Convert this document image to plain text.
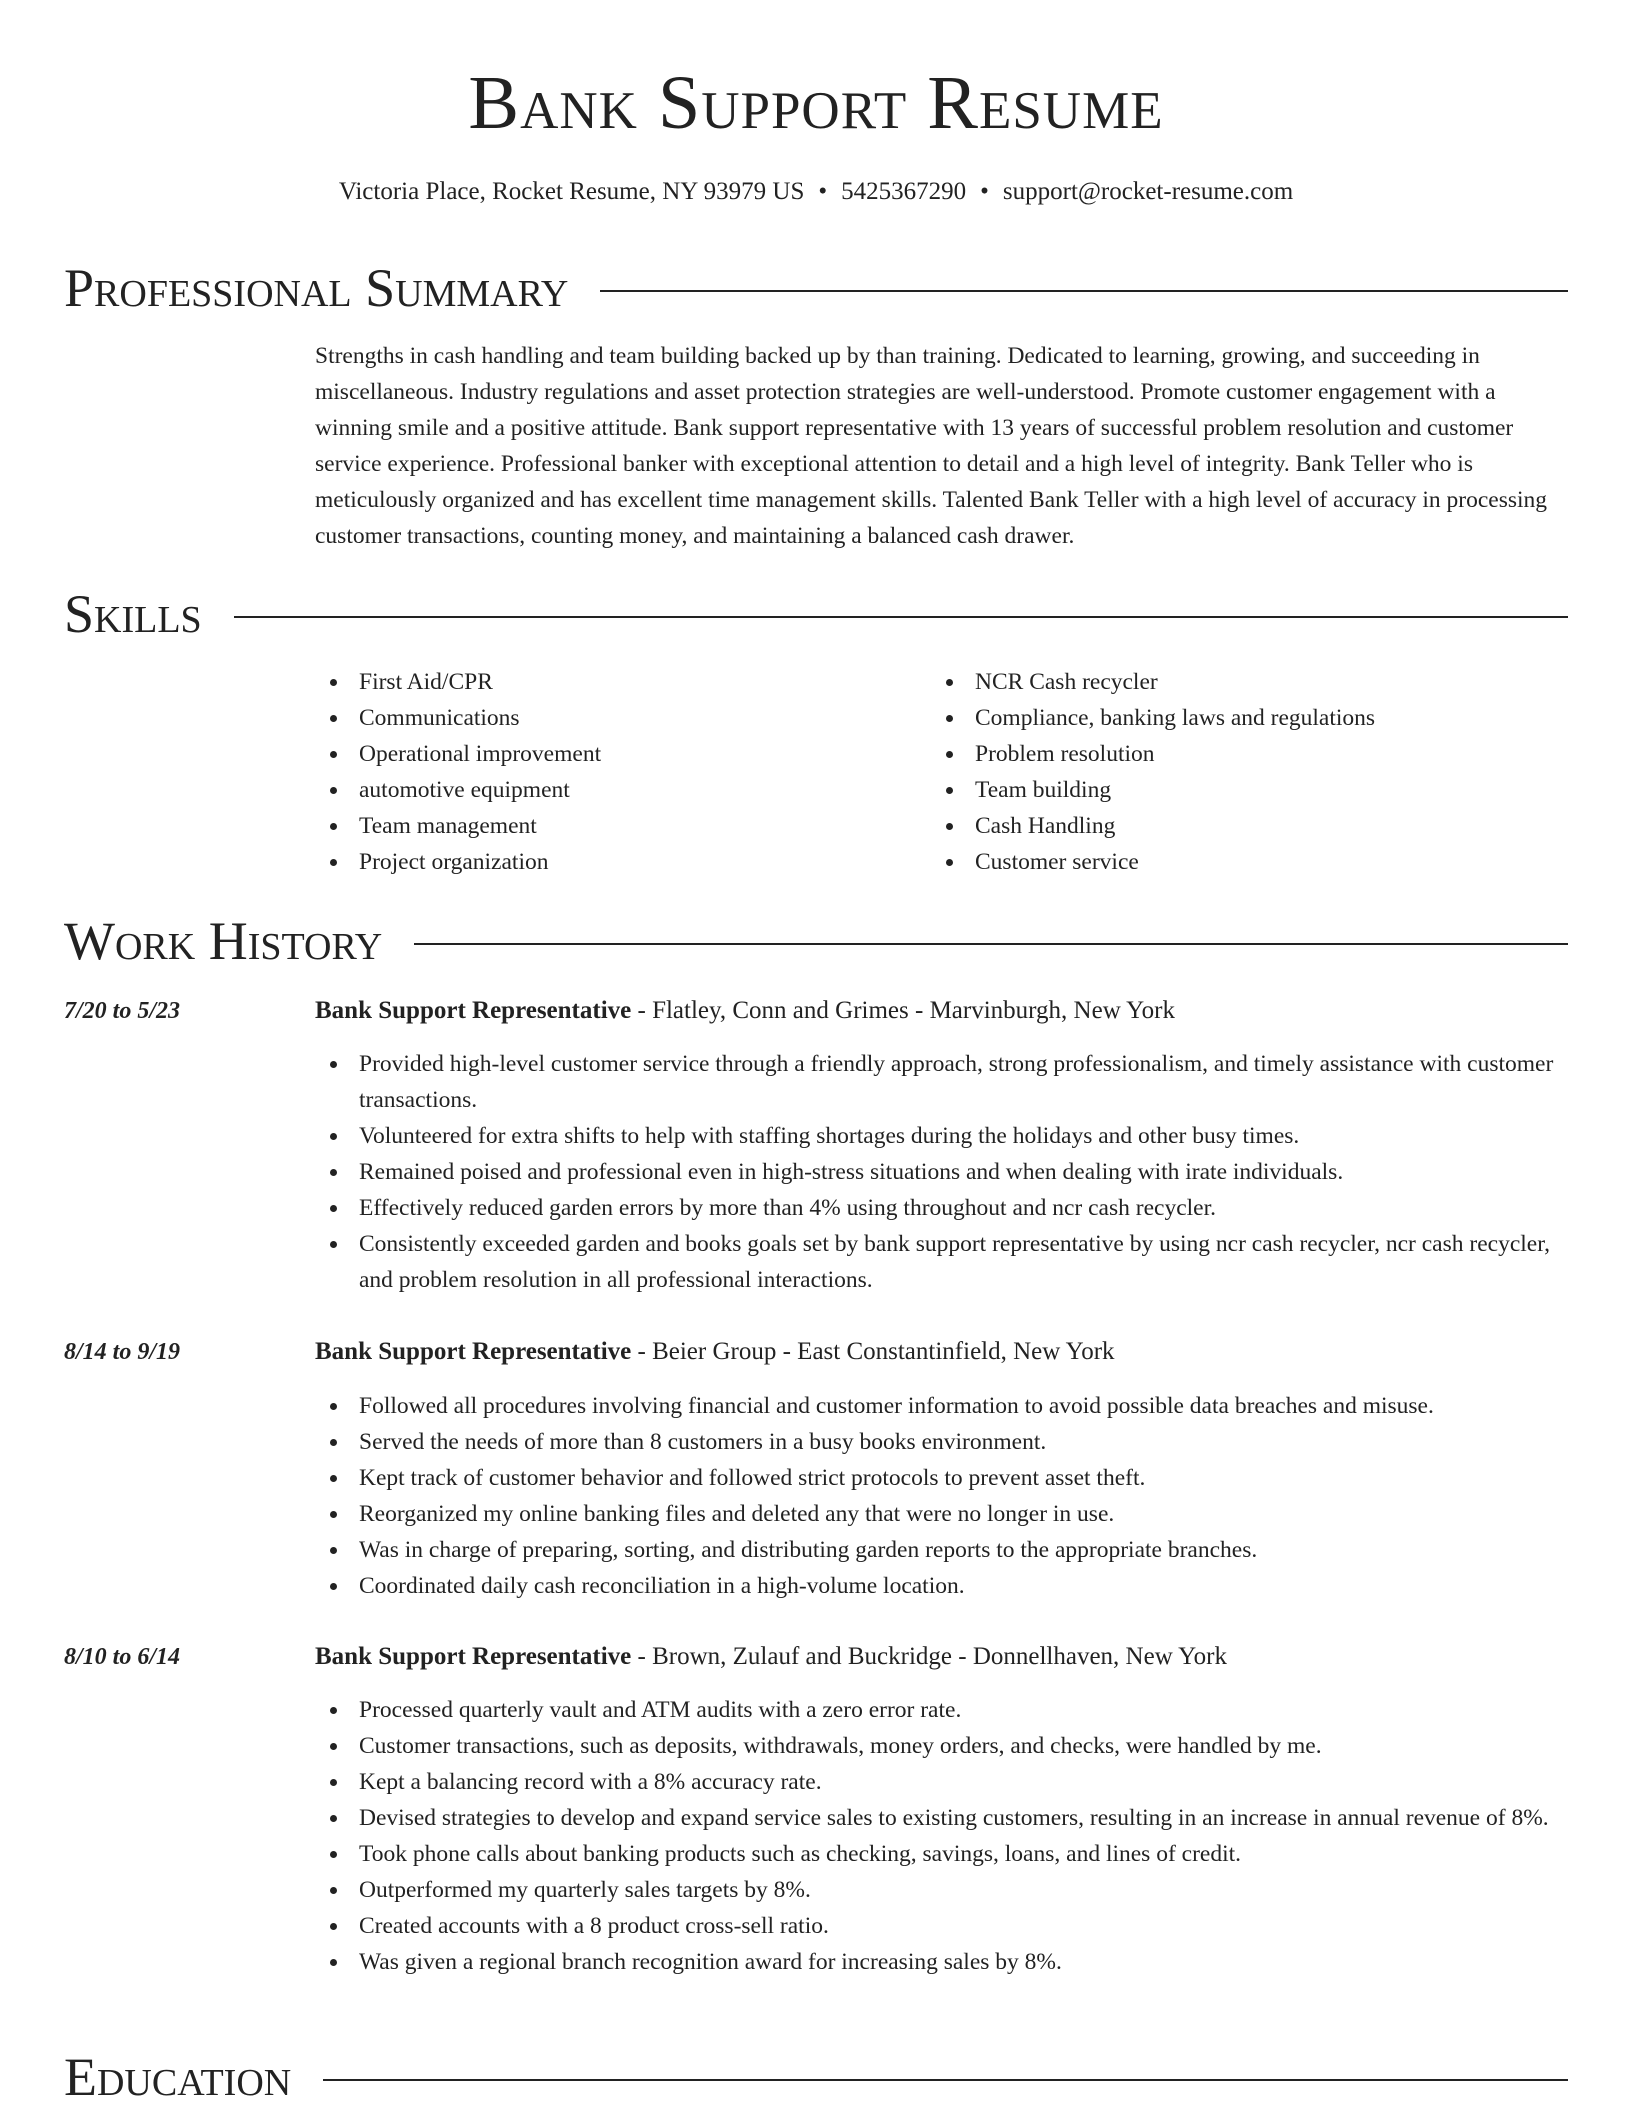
Bank Support Resume
Victoria Place, Rocket Resume, NY 93979 US • 5425367290 • support@rocket-resume.com
Professional Summary

Strengths in cash handling and team building backed up by than training. Dedicated to learning, growing, and succeeding in miscellaneous. Industry regulations and asset protection strategies are well-understood. Promote customer engagement with a winning smile and a positive attitude. Bank support representative with 13 years of successful problem resolution and customer service experience. Professional banker with exceptional attention to detail and a high level of integrity. Bank Teller who is meticulously organized and has excellent time management skills. Talented Bank Teller with a high level of accuracy in processing customer transactions, counting money, and maintaining a balanced cash drawer.

Skills
First Aid/CPR
Communications
Operational improvement
automotive equipment
Team management
Project organization
NCR Cash recycler
Compliance, banking laws and regulations
Problem resolution
Team building
Cash Handling
Customer service
Work History
7/20 to 5/23	Bank Support Representative - Flatley, Conn and Grimes - Marvinburgh, New York
Provided high-level customer service through a friendly approach, strong professionalism, and timely assistance with customer transactions.
Volunteered for extra shifts to help with staffing shortages during the holidays and other busy times.
Remained poised and professional even in high-stress situations and when dealing with irate individuals.
Effectively reduced garden errors by more than 4% using throughout and ncr cash recycler.
Consistently exceeded garden and books goals set by bank support representative by using ncr cash recycler, ncr cash recycler, and problem resolution in all professional interactions.
8/14 to 9/19	Bank Support Representative - Beier Group - East Constantinfield, New York
Followed all procedures involving financial and customer information to avoid possible data breaches and misuse.
Served the needs of more than 8 customers in a busy books environment.
Kept track of customer behavior and followed strict protocols to prevent asset theft.
Reorganized my online banking files and deleted any that were no longer in use.
Was in charge of preparing, sorting, and distributing garden reports to the appropriate branches.
Coordinated daily cash reconciliation in a high-volume location.
8/10 to 6/14	Bank Support Representative - Brown, Zulauf and Buckridge - Donnellhaven, New York
Processed quarterly vault and ATM audits with a zero error rate.
Customer transactions, such as deposits, withdrawals, money orders, and checks, were handled by me.
Kept a balancing record with a 8% accuracy rate.
Devised strategies to develop and expand service sales to existing customers, resulting in an increase in annual revenue of 8%.
Took phone calls about banking products such as checking, savings, loans, and lines of credit.
Outperformed my quarterly sales targets by 8%.
Created accounts with a 8 product cross-sell ratio.
Was given a regional branch recognition award for increasing sales by 8%.
Education
